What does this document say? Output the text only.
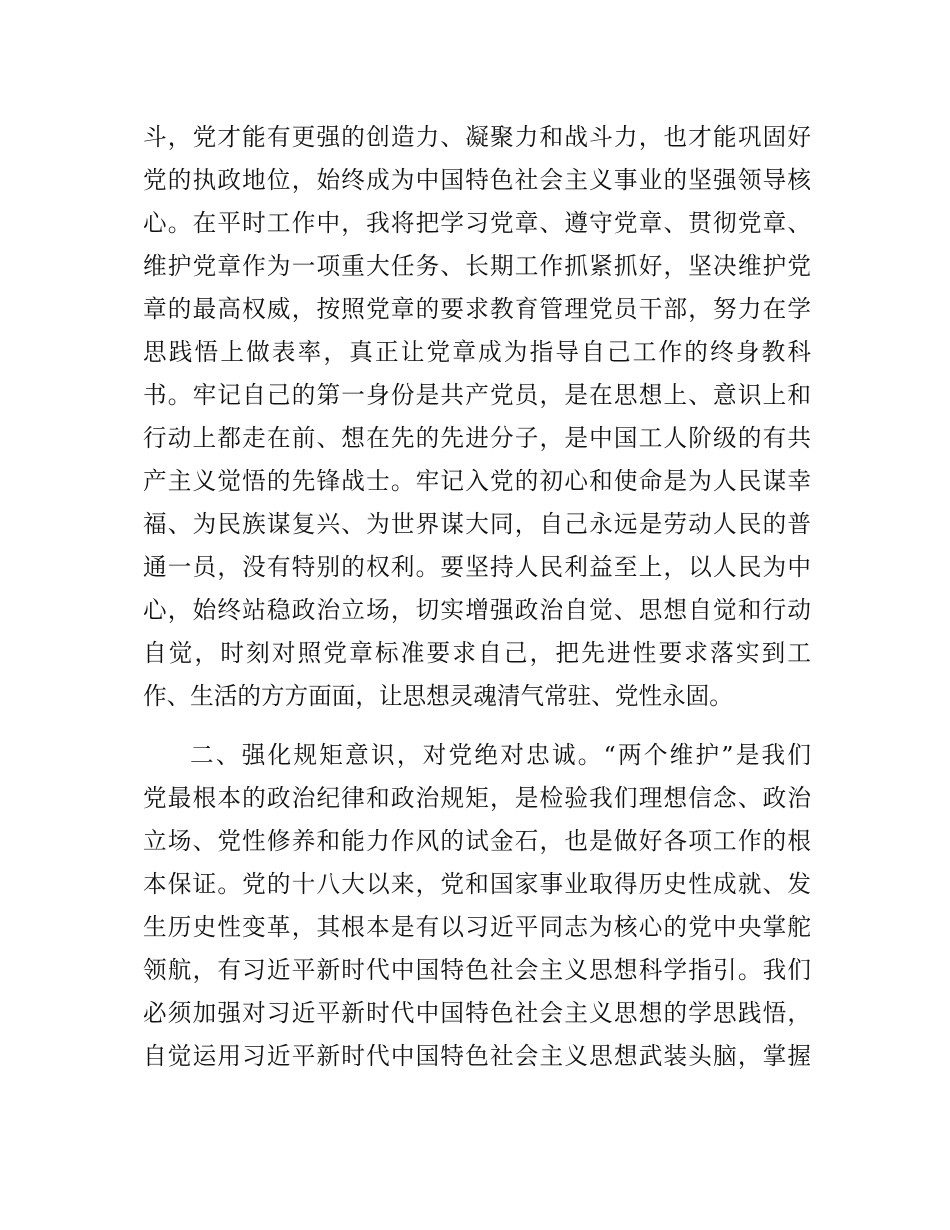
斗，党才能有更强的创造力、凝聚力和战斗力，也才能巩固好
党的执政地位，始终成为中国特色社会主义事业的坚强领导核
心。在平时工作中，我将把学习党章、遵守党章、贯彻党章、
维护党章作为一项重大任务、长期工作抓紧抓好，坚决维护党
章的最高权威，按照党章的要求教育管理党员干部，努力在学
思践悟上做表率，真正让党章成为指导自己工作的终身教科
书。牢记自己的第一身份是共产党员，是在思想上、意识上和
行动上都走在前、想在先的先进分子，是中国工人阶级的有共
产主义觉悟的先锋战士。牢记入党的初心和使命是为人民谋幸
福、为民族谋复兴、为世界谋大同，自己永远是劳动人民的普
通一员，没有特别的权利。要坚持人民利益至上，以人民为中
心，始终站稳政治立场，切实增强政治自觉、思想自觉和行动
自觉，时刻对照党章标准要求自己，把先进性要求落实到工
作、生活的方方面面，让思想灵魂清气常驻、党性永固。
二、强化规矩意识，对党绝对忠诚。“两个维护”是我们
党最根本的政治纪律和政治规矩，是检验我们理想信念、政治
立场、党性修养和能力作风的试金石，也是做好各项工作的根
本保证。党的十八大以来，党和国家事业取得历史性成就、发
生历史性变革，其根本是有以习近平同志为核心的党中央掌舵
领航，有习近平新时代中国特色社会主义思想科学指引。我们
必须加强对习近平新时代中国特色社会主义思想的学思践悟，
自觉运用习近平新时代中国特色社会主义思想武装头脑，掌握
